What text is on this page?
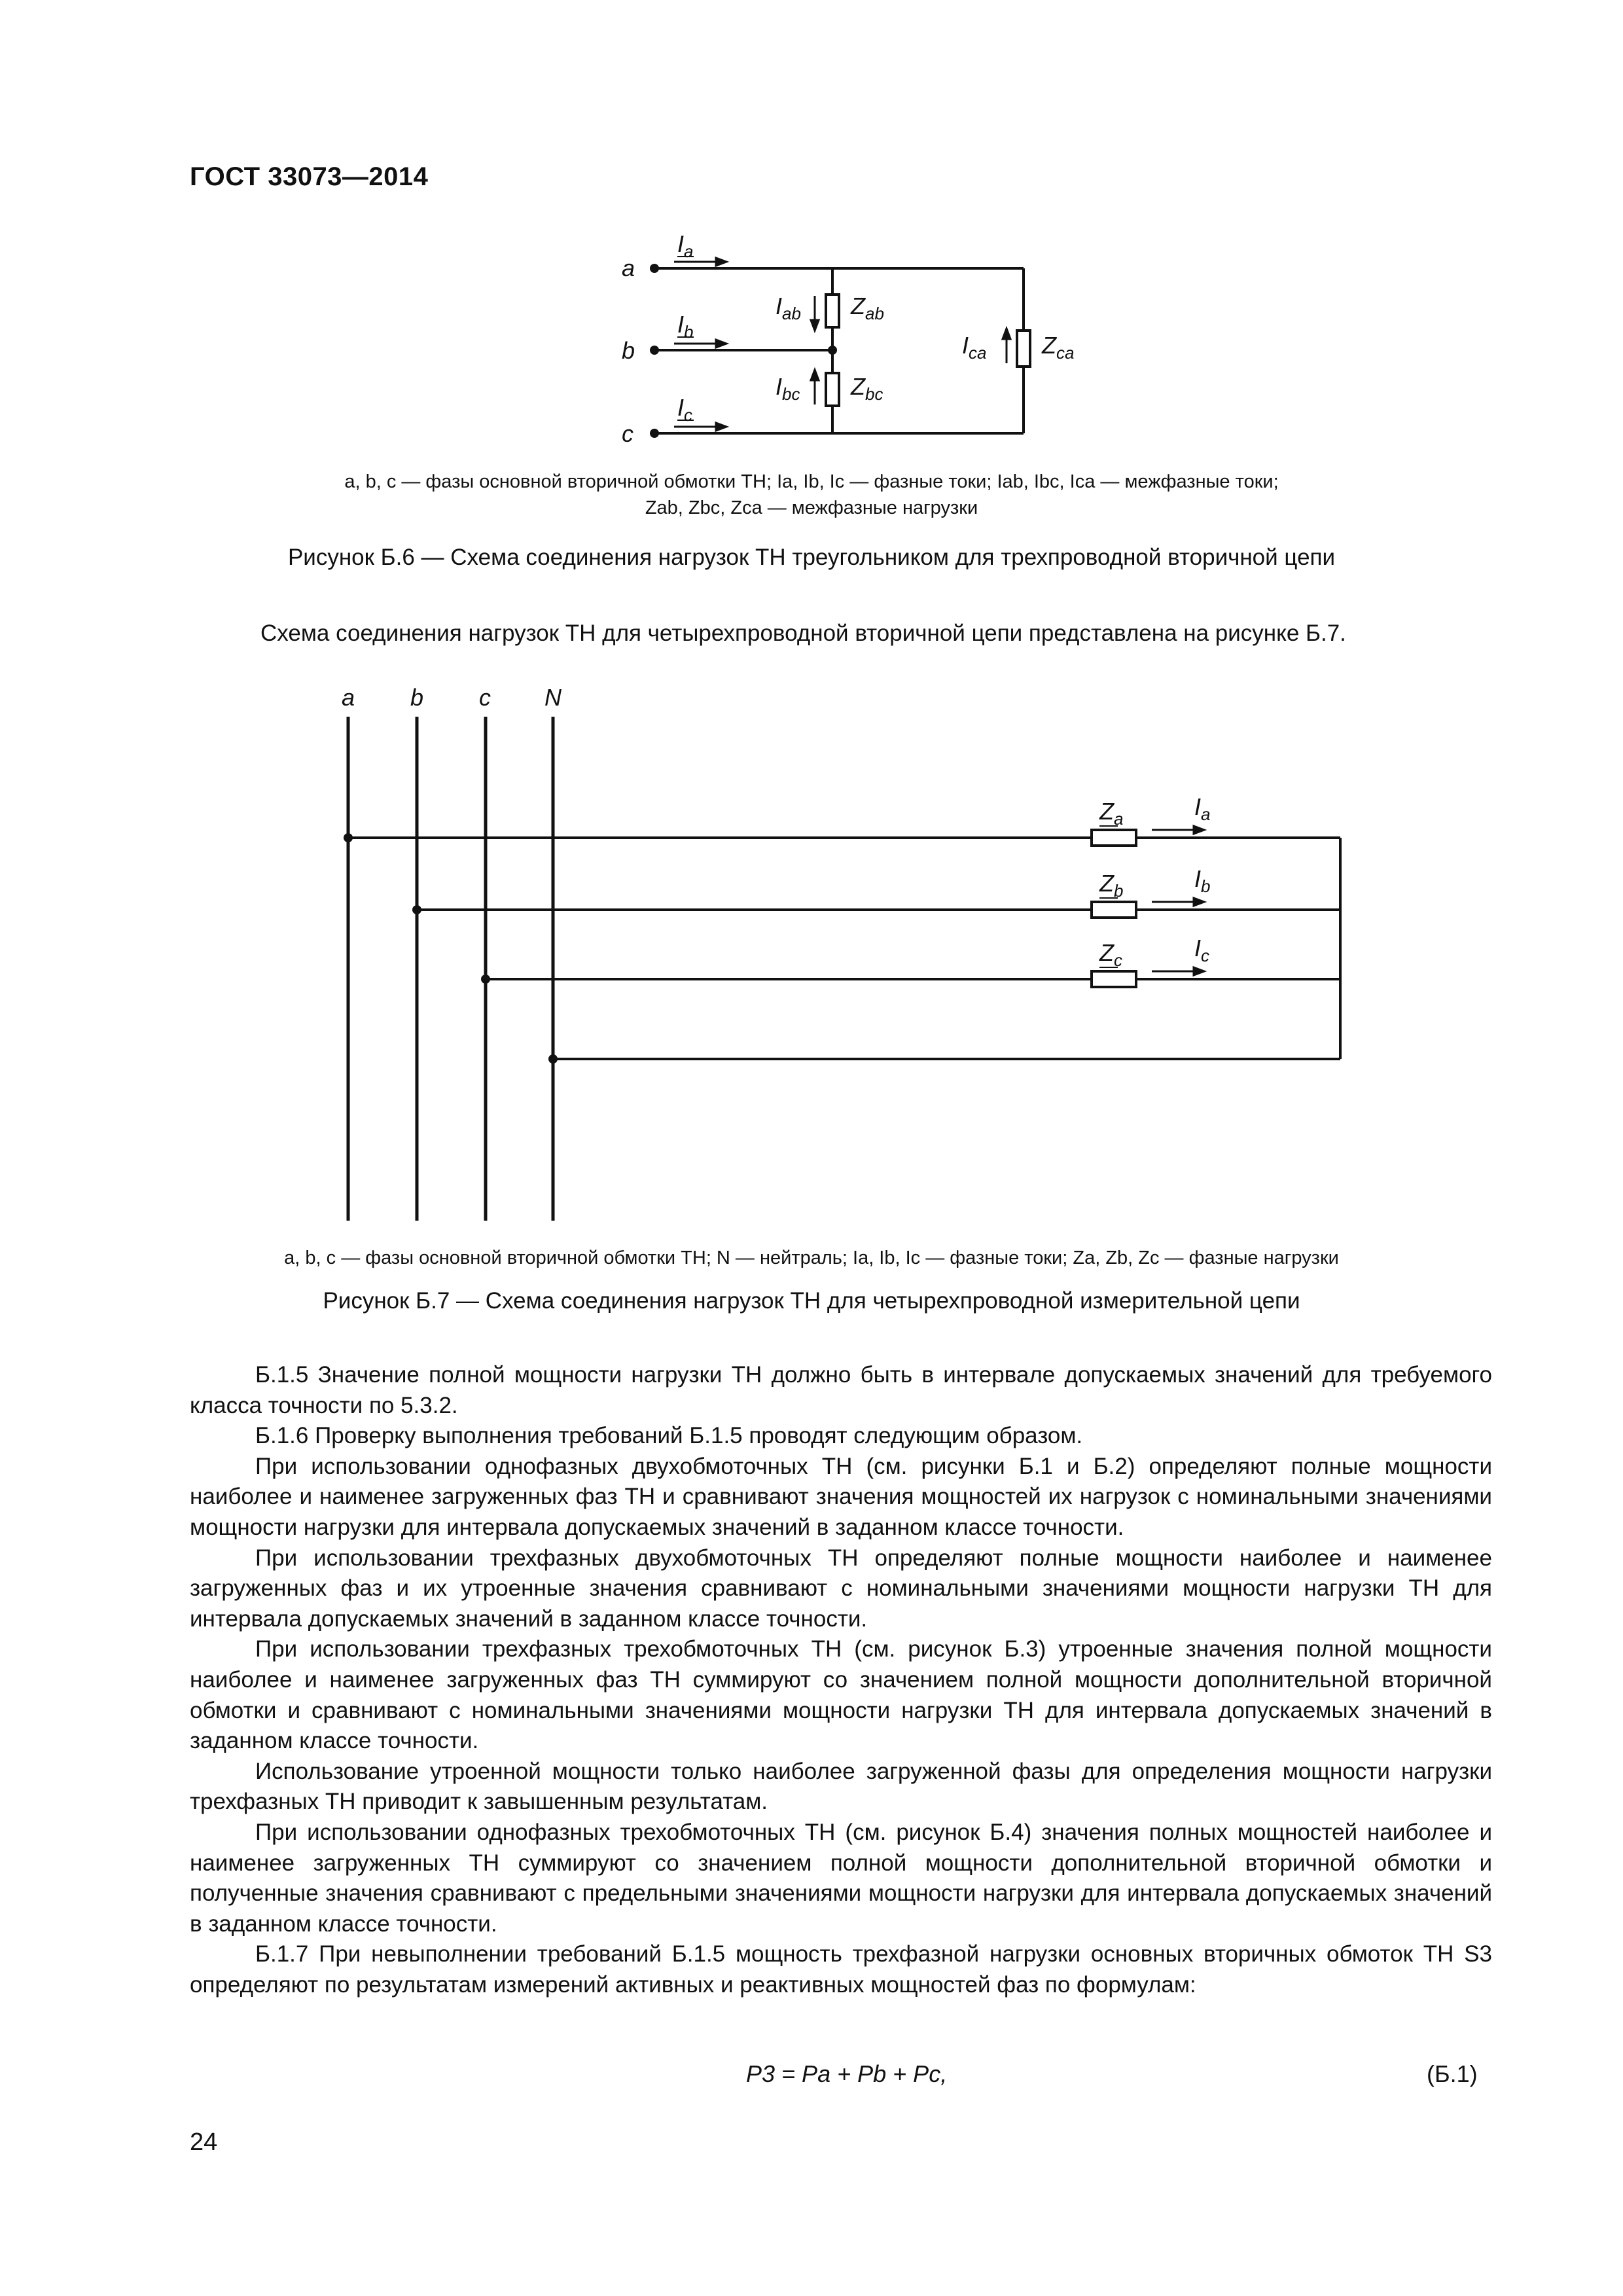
ГОСТ 33073—2014
a
b
c
$I_a$
$I_b$
$I_c$
$I_{ab}$
$I_{bc}$
$I_{ca}$
$Z_{ab}$
$Z_{bc}$
$Z_{ca}$
a, b, c — фазы основной вторичной обмотки ТН; Ia, Ib, Ic — фазные токи; Iab, Ibc, Ica — межфазные токи;
Zab, Zbc, Zca — межфазные нагрузки
Рисунок Б.6 — Схема соединения нагрузок ТН треугольником для трехпроводной вторичной цепи
Схема соединения нагрузок ТН для четырехпроводной вторичной цепи представлена на рисунке Б.7.
a b c N
$Z_a$
$Z_b$
$Z_c$
$I_a$
$I_b$
$I_c$
a, b, c — фазы основной вторичной обмотки ТН; N — нейтраль; Ia, Ib, Ic — фазные токи; Za, Zb, Zc — фазные нагрузки
Рисунок Б.7 — Схема соединения нагрузок ТН для четырехпроводной измерительной цепи

Б.1.5 Значение полной мощности нагрузки ТН должно быть в интервале допускаемых значений для требуемого класса точности по 5.3.2.

Б.1.6 Проверку выполнения требований Б.1.5 проводят следующим образом.

При использовании однофазных двухобмоточных ТН (см. рисунки Б.1 и Б.2) определяют полные мощности наиболее и наименее загруженных фаз ТН и сравнивают значения мощностей их нагрузок с номинальными значениями мощности нагрузки для интервала допускаемых значений в заданном классе точности.

При использовании трехфазных двухобмоточных ТН определяют полные мощности наиболее и наименее загруженных фаз и их утроенные значения сравнивают с номинальными значениями мощности нагрузки ТН для интервала допускаемых значений в заданном классе точности.

При использовании трехфазных трехобмоточных ТН (см. рисунок Б.3) утроенные значения полной мощности наиболее и наименее загруженных фаз ТН суммируют со значением полной мощности дополнительной вторичной обмотки и сравнивают с номинальными значениями мощности нагрузки ТН для интервала допускаемых значений в заданном классе точности.

Использование утроенной мощности только наиболее загруженной фазы для определения мощности нагрузки трехфазных ТН приводит к завышенным результатам.

При использовании однофазных трехобмоточных ТН (см. рисунок Б.4) значения полных мощностей наиболее и наименее загруженных ТН суммируют со значением полной мощности дополнительной вторичной обмотки и полученные значения сравнивают с предельными значениями мощности нагрузки для интервала допускаемых значений в заданном классе точности.

Б.1.7 При невыполнении требований Б.1.5 мощность трехфазной нагрузки основных вторичных обмоток ТН S3 определяют по результатам измерений активных и реактивных мощностей фаз по формулам:

P3 = Pa + Pb + Pc,	(Б.1)
24
